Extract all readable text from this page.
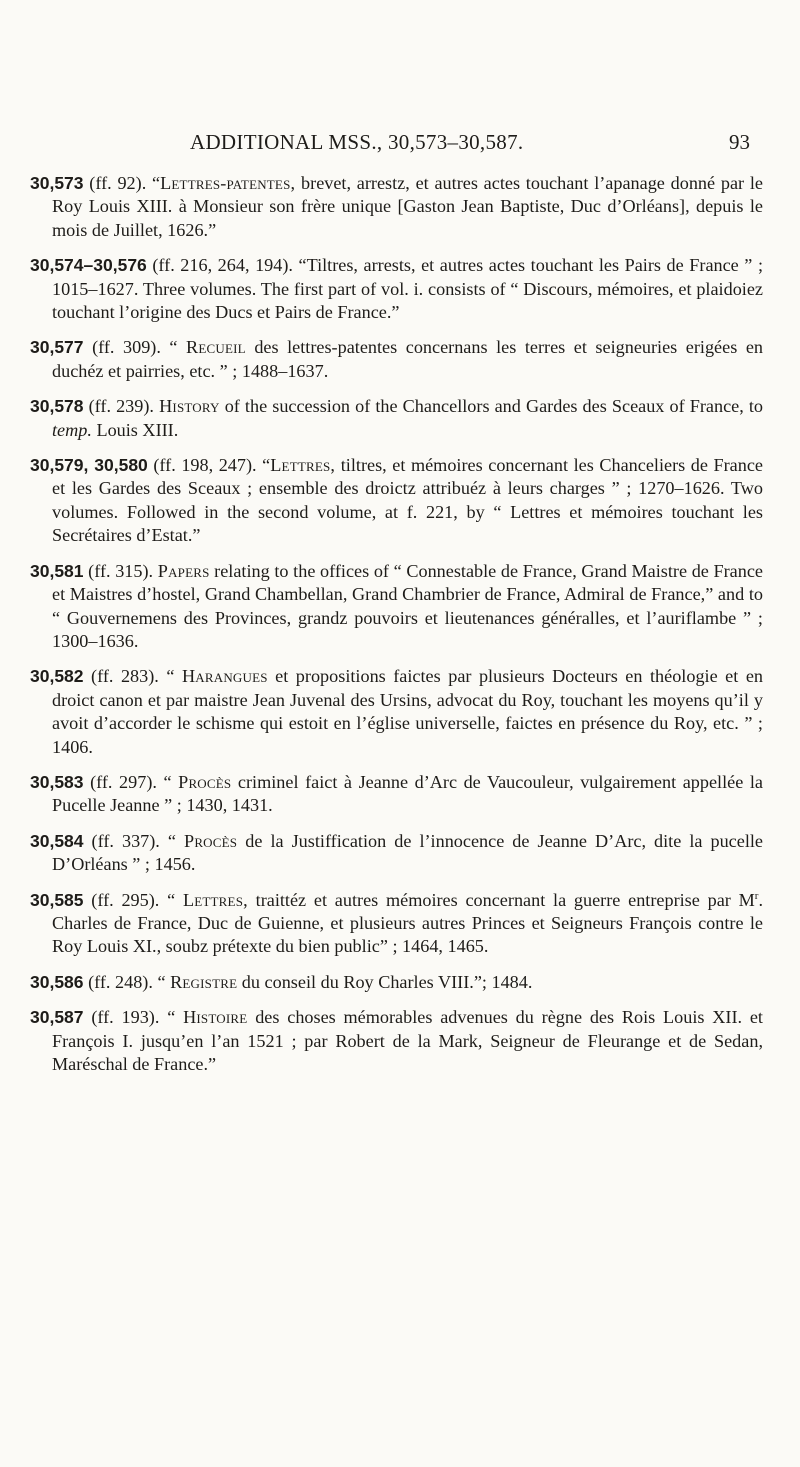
ADDITIONAL MSS., 30,573–30,587.	93

30,573 (ff. 92). “Lettres-patentes, brevet, arrestz, et autres actes touchant l’apanage donné par le Roy Louis XIII. à Monsieur son frère unique [Gaston Jean Baptiste, Duc d’Orléans], depuis le mois de Juillet, 1626.”

30,574–30,576 (ff. 216, 264, 194). “Tiltres, arrests, et autres actes touchant les Pairs de France ” ; 1015–1627. Three volumes. The first part of vol. i. consists of “ Discours, mémoires, et plaidoiez touchant l’origine des Ducs et Pairs de France.”

30,577 (ff. 309). “ Recueil des lettres-patentes concernans les terres et seigneuries erigées en duchéz et pairries, etc. ” ; 1488–1637.

30,578 (ff. 239). History of the succession of the Chancellors and Gardes des Sceaux of France, to temp. Louis XIII.

30,579, 30,580 (ff. 198, 247). “Lettres, tiltres, et mémoires concernant les Chanceliers de France et les Gardes des Sceaux ; ensemble des droictz attribuéz à leurs charges ” ; 1270–1626. Two volumes. Followed in the second volume, at f. 221, by “ Lettres et mémoires touchant les Secrétaires d’Estat.”

30,581 (ff. 315). Papers relating to the offices of “ Connestable de France, Grand Maistre de France et Maistres d’hostel, Grand Chambellan, Grand Chambrier de France, Admiral de France,” and to “ Gouvernemens des Provinces, grandz pouvoirs et lieutenances généralles, et l’auriflambe ” ; 1300–1636.

30,582 (ff. 283). “ Harangues et propositions faictes par plusieurs Docteurs en théologie et en droict canon et par maistre Jean Juvenal des Ursins, advocat du Roy, touchant les moyens qu’il y avoit d’accorder le schisme qui estoit en l’église universelle, faictes en présence du Roy, etc. ” ; 1406.

30,583 (ff. 297). “ Procès criminel faict à Jeanne d’Arc de Vaucouleur, vulgairement appellée la Pucelle Jeanne ” ; 1430, 1431.

30,584 (ff. 337). “ Procès de la Justiffication de l’innocence de Jeanne D’Arc, dite la pucelle D’Orléans ” ; 1456.

30,585 (ff. 295). “ Lettres, traittéz et autres mémoires concernant la guerre entreprise par $M^r$. Charles de France, Duc de Guienne, et plusieurs autres Princes et Seigneurs François contre le Roy Louis XI., soubz prétexte du bien public” ; 1464, 1465.

30,586 (ff. 248). “ Registre du conseil du Roy Charles VIII.”; 1484.

30,587 (ff. 193). “ Histoire des choses mémorables advenues du règne des Rois Louis XII. et François I. jusqu’en l’an 1521 ; par Robert de la Mark, Seigneur de Fleurange et de Sedan, Maréschal de France.”
